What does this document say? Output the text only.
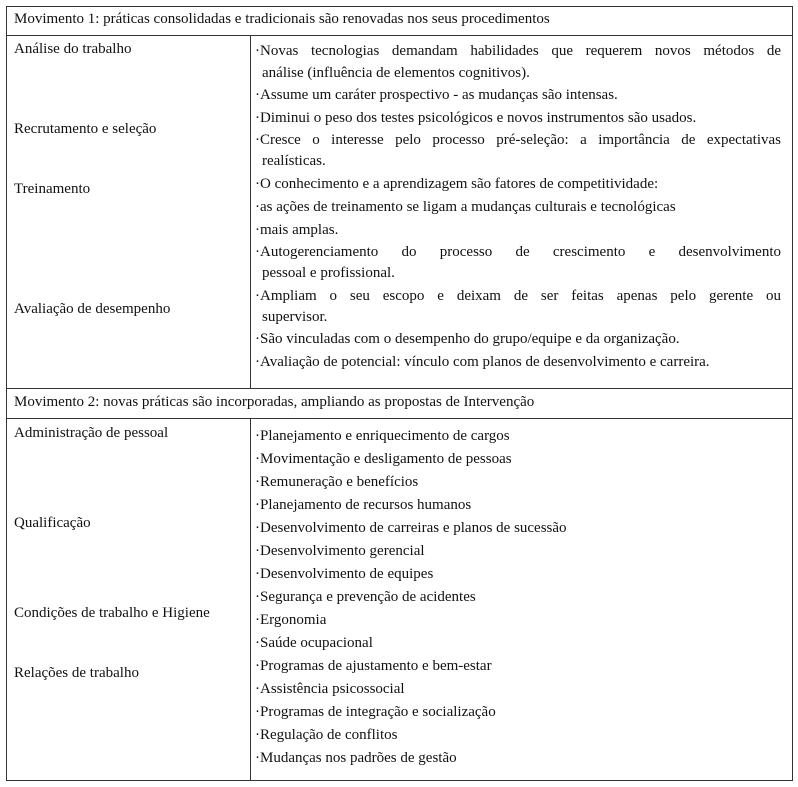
Movimento 1: práticas consolidadas e tradicionais são renovadas nos seus procedimentos
Análise do trabalho
Recrutamento e seleção
Treinamento
Avaliação de desempenho
·Novas tecnologias demandam habilidades que requerem novos métodos de
análise (influência de elementos cognitivos).
·Assume um caráter prospectivo - as mudanças são intensas.
·Diminui o peso dos testes psicológicos e novos instrumentos são usados.
·Cresce o interesse pelo processo pré-seleção: a importância de expectativas
realísticas.
·O conhecimento e a aprendizagem são fatores de competitividade:
·as ações de treinamento se ligam a mudanças culturais e tecnológicas
·mais amplas.
·Autogerenciamento do processo de crescimento e desenvolvimento
pessoal e profissional.
·Ampliam o seu escopo e deixam de ser feitas apenas pelo gerente ou
supervisor.
·São vinculadas com o desempenho do grupo/equipe e da organização.
·Avaliação de potencial: vínculo com planos de desenvolvimento e carreira.
Movimento 2: novas práticas são incorporadas, ampliando as propostas de Intervenção
Administração de pessoal
Qualificação
Condições de trabalho e Higiene
Relações de trabalho
·Planejamento e enriquecimento de cargos
·Movimentação e desligamento de pessoas
·Remuneração e benefícios
·Planejamento de recursos humanos
·Desenvolvimento de carreiras e planos de sucessão
·Desenvolvimento gerencial
·Desenvolvimento de equipes
·Segurança e prevenção de acidentes
·Ergonomia
·Saúde ocupacional
·Programas de ajustamento e bem-estar
·Assistência psicossocial
·Programas de integração e socialização
·Regulação de conflitos
·Mudanças nos padrões de gestão
